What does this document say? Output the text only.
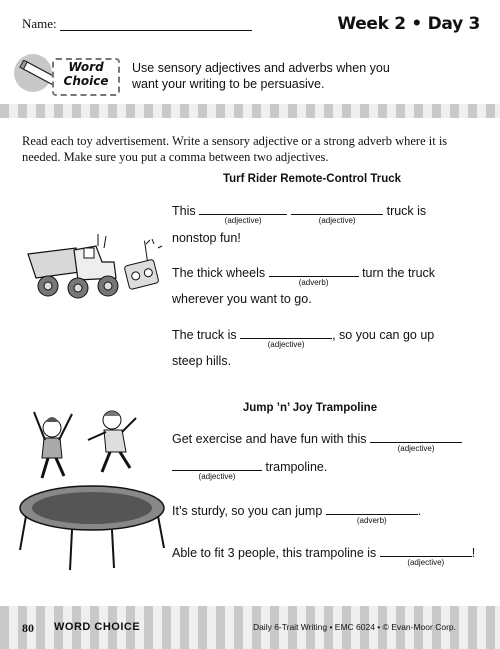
Name:	Week 2 • Day 3
Word
Choice
Use sensory adjectives and adverbs when you want your writing to be persuasive.
Read each toy advertisement. Write a sensory adjective or a strong adverb where it is needed. Make sure you put a comma between two adjectives.
Turf Rider Remote-Control Truck
This
(adjective)	(adjective)
truck is
nonstop fun!
The thick wheels
(adverb)
turn the truck
wherever you want to go.
The truck is
(adjective)
, so you can go up
steep hills.
Jump ’n’ Joy Trampoline
Get exercise and have fun with this
(adjective)
(adjective)
trampoline.
It’s sturdy, so you can jump
(adverb)
.
Able to fit 3 people, this trampoline is
(adjective)
!
80 WORD CHOICE	Daily 6-Trait Writing • EMC 6024 • © Evan-Moor Corp.
